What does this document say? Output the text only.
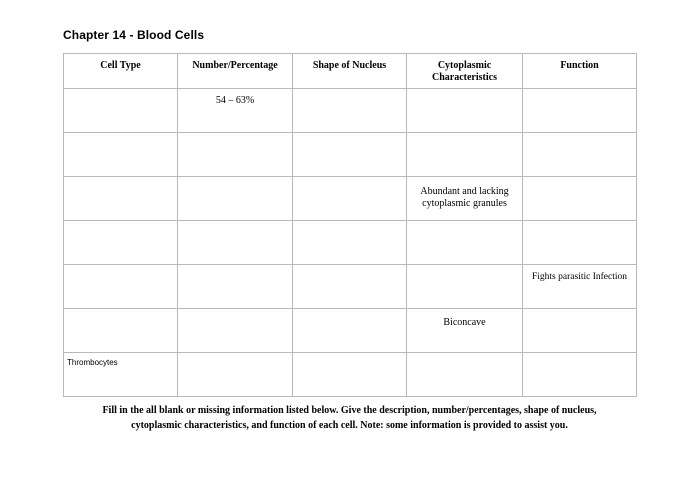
Chapter 14 - Blood Cells
Cell Type	Number/Percentage	Shape of Nucleus	Cytoplasmic Characteristics	Function

	54 – 63%			

			Abundant and lacking cytoplasmic granules	

				Fights parasitic Infection

			Biconcave	

Thrombocytes				

Fill in the all blank or missing information listed below. Give the description, number/percentages, shape of nucleus,
cytoplasmic characteristics, and function of each cell. Note: some information is provided to assist you.
